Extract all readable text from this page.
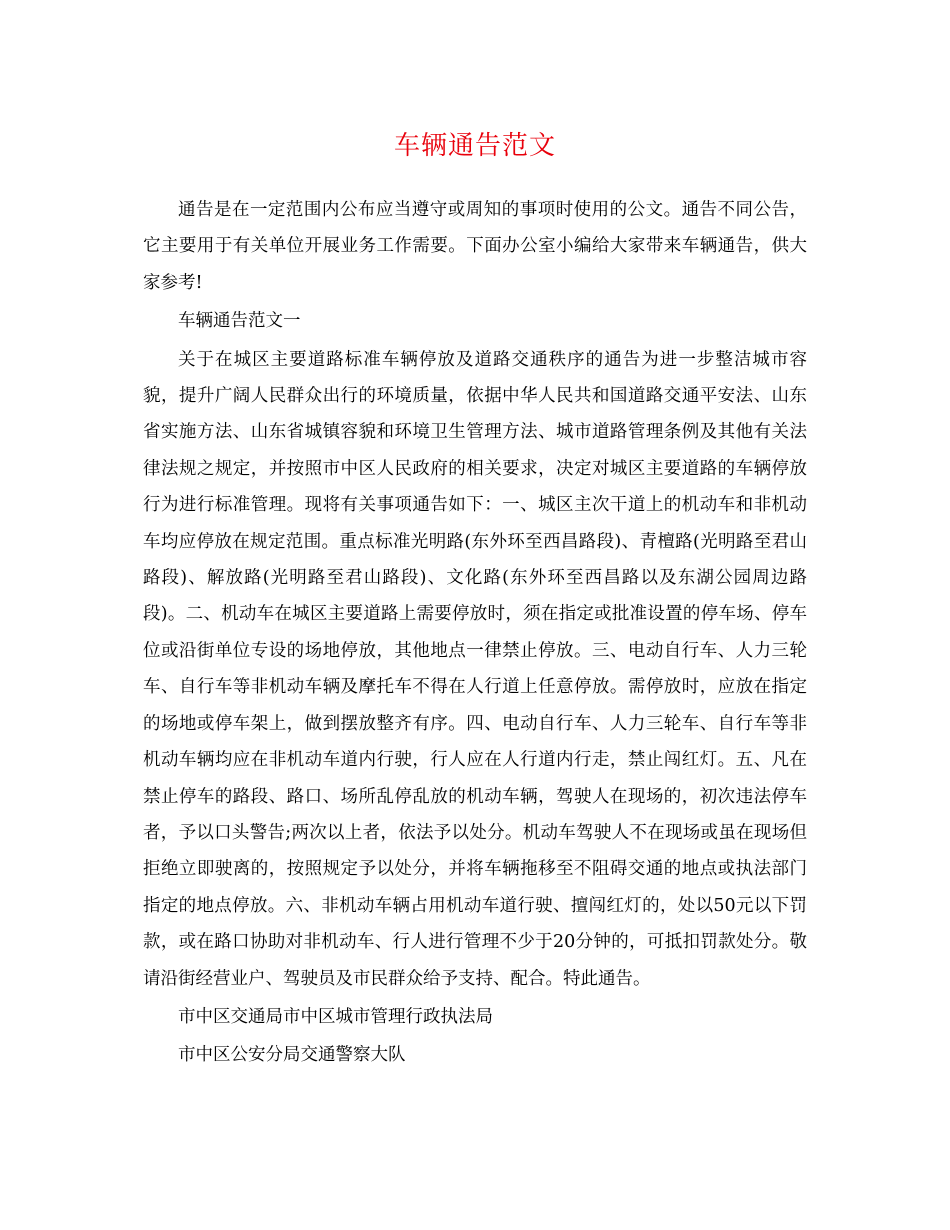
车辆通告范文

通告是在一定范围内公布应当遵守或周知的事项时使用的公文。通告不同公告，它主要用于有关单位开展业务工作需要。下面办公室小编给大家带来车辆通告，供大家参考!

车辆通告范文一

关于在城区主要道路标准车辆停放及道路交通秩序的通告为进一步整洁城市容貌，提升广阔人民群众出行的环境质量，依据中华人民共和国道路交通平安法、山东省实施方法、山东省城镇容貌和环境卫生管理方法、城市道路管理条例及其他有关法律法规之规定，并按照市中区人民政府的相关要求，决定对城区主要道路的车辆停放行为进行标准管理。现将有关事项通告如下：一、城区主次干道上的机动车和非机动车均应停放在规定范围。重点标准光明路(东外环至西昌路段)、青檀路(光明路至君山路段)、解放路(光明路至君山路段)、文化路(东外环至西昌路以及东湖公园周边路段)。二、机动车在城区主要道路上需要停放时，须在指定或批准设置的停车场、停车位或沿街单位专设的场地停放，其他地点一律禁止停放。三、电动自行车、人力三轮车、自行车等非机动车辆及摩托车不得在人行道上任意停放。需停放时，应放在指定的场地或停车架上，做到摆放整齐有序。四、电动自行车、人力三轮车、自行车等非机动车辆均应在非机动车道内行驶，行人应在人行道内行走，禁止闯红灯。五、凡在禁止停车的路段、路口、场所乱停乱放的机动车辆，驾驶人在现场的，初次违法停车者，予以口头警告;两次以上者，依法予以处分。机动车驾驶人不在现场或虽在现场但拒绝立即驶离的，按照规定予以处分，并将车辆拖移至不阻碍交通的地点或执法部门指定的地点停放。六、非机动车辆占用机动车道行驶、擅闯红灯的，处以50元以下罚款，或在路口协助对非机动车、行人进行管理不少于20分钟的，可抵扣罚款处分。敬请沿街经营业户、驾驶员及市民群众给予支持、配合。特此通告。

市中区交通局市中区城市管理行政执法局

市中区公安分局交通警察大队
